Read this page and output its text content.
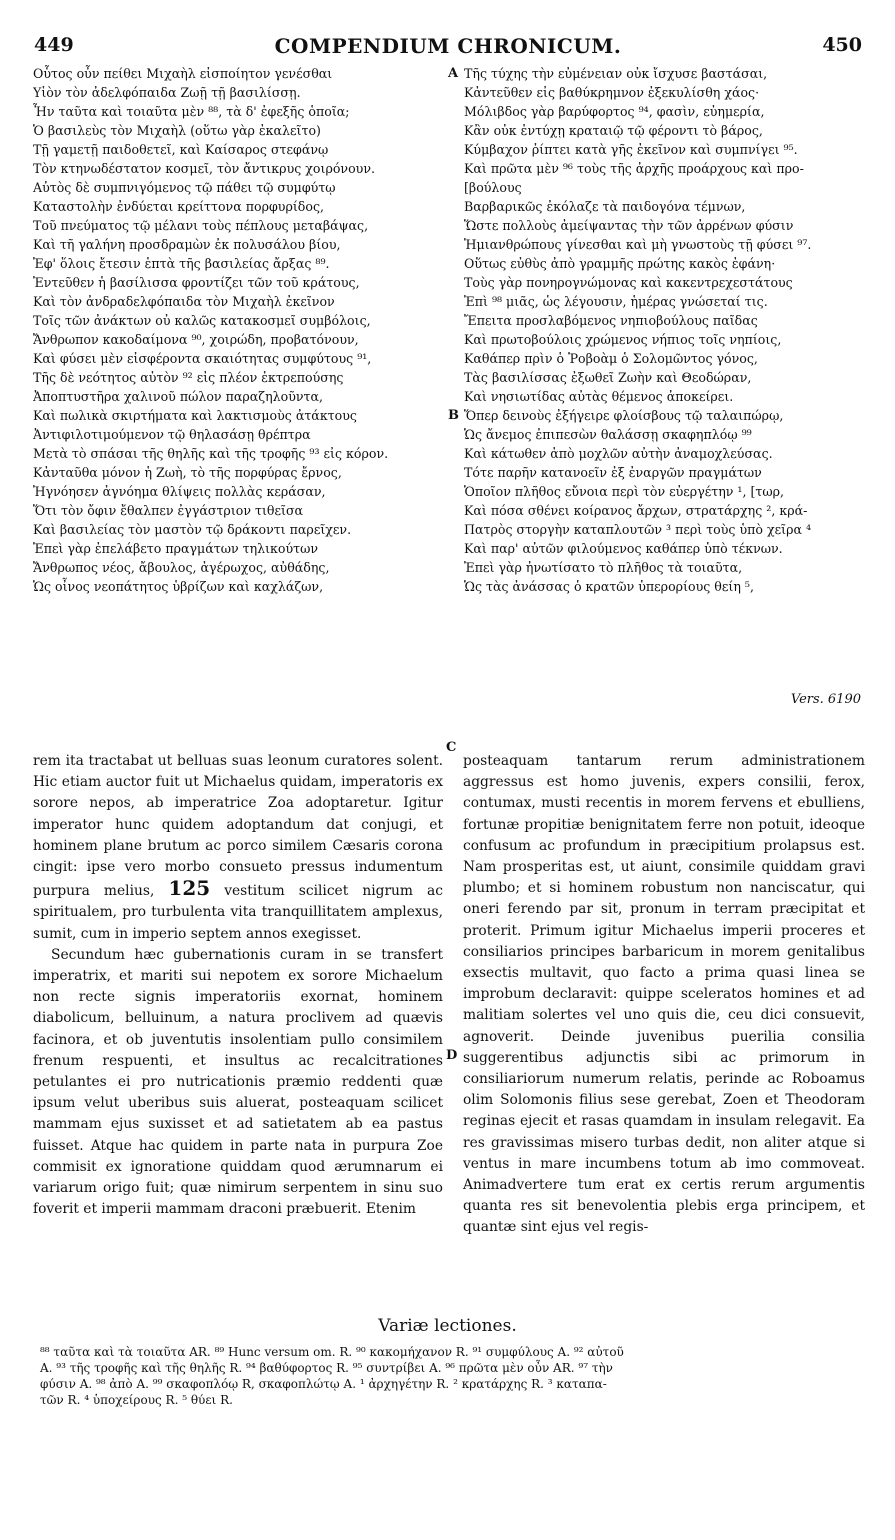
449	COMPENDIUM CHRONICUM.	450
Οὗτος οὖν πείθει Μιχαὴλ εἰσποίητον γενέσθαι
Υἱὸν τὸν ἀδελφόπαιδα Ζωῇ τῇ βασιλίσσῃ.
Ἦν ταῦτα καὶ τοιαῦτα μὲν ⁸⁸, τὰ δ' ἐφεξῆς ὁποῖα;
Ὁ βασιλεὺς τὸν Μιχαὴλ (οὕτω γὰρ ἐκαλεῖτο)
Τῇ γαμετῇ παιδοθετεῖ, καὶ Καίσαρος στεφάνῳ
Τὸν κτηνωδέστατον κοσμεῖ, τὸν ἄντικρυς χοιρόνουν.
Αὐτὸς δὲ συμπνιγόμενος τῷ πάθει τῷ συμφύτῳ
Καταστολὴν ἐνδύεται κρείττονα πορφυρίδος,
Τοῦ πνεύματος τῷ μέλανι τοὺς πέπλους μεταβάψας,
Καὶ τῆ γαλήνη προσδραμὼν ἐκ πολυσάλου βίου,
Ἐφ' ὅλοις ἔτεσιν ἑπτὰ τῆς βασιλείας ἄρξας ⁸⁹.
Ἐντεῦθεν ἡ βασίλισσα φροντίζει τῶν τοῦ κράτους,
Καὶ τὸν ἀνδραδελφόπαιδα τὸν Μιχαὴλ ἐκεῖνον
Τοῖς τῶν ἀνάκτων οὐ καλῶς κατακοσμεῖ συμβόλοις,
Ἄνθρωπον κακοδαίμονα ⁹⁰, χοιρώδη, προβατόνουν,
Καὶ φύσει μὲν εἰσφέροντα σκαιότητας συμφύτους ⁹¹,
Τῆς δὲ νεότητος αὐτὸν ⁹² εἰς πλέον ἐκτρεπούσης
Ἀποπτυστῆρα χαλινοῦ πώλον παραζηλοῦντα,
Καὶ πωλικὰ σκιρτήματα καὶ λακτισμοὺς ἀτάκτους
Ἀντιφιλοτιμούμενον τῷ θηλασάσῃ θρέπτρα
Μετὰ τὸ σπάσαι τῆς θηλῆς καὶ τῆς τροφῆς ⁹³ εἰς κόρον.
Κἀνταῦθα μόνον ἡ Ζωὴ, τὸ τῆς πορφύρας ἔρνος,
Ἠγνόησεν ἀγνόημα θλίψεις πολλὰς κεράσαν,
Ὅτι τὸν ὄφιν ἔθαλπεν ἐγγάστριον τιθεῖσα
Καὶ βασιλείας τὸν μαστὸν τῷ δράκοντι παρεῖχεν.
Ἐπεὶ γὰρ ἐπελάβετο πραγμάτων τηλικούτων
Ἄνθρωπος νέος, ἄβουλος, ἀγέρωχος, αὐθάδης,
Ὡς οἶνος νεοπάτητος ὑβρίζων καὶ καχλάζων,
Τῆς τύχης τὴν εὐμένειαν οὐκ ἴσχυσε βαστάσαι,
Κἀντεῦθεν εἰς βαθύκρημνον ἐξεκυλίσθη χάος·
Μόλιβδος γὰρ βαρύφορτος ⁹⁴, φασὶν, εὐημερία,
Κἂν οὐκ ἐντύχῃ κραταιῷ τῷ φέροντι τὸ βάρος,
Κύμβαχον ῥίπτει κατὰ γῆς ἐκεῖνον καὶ συμπνίγει ⁹⁵.
Καὶ πρῶτα μὲν ⁹⁶ τοὺς τῆς ἀρχῆς πρoάρχους καὶ προ-
[βούλους
Βαρβαρικῶς ἐκόλαζε τὰ παιδογόνα τέμνων,
Ὥστε πολλοὺς ἀμείψαντας τὴν τῶν ἀρρένων φύσιν
Ἡμιανθρώπους γίνεσθαι καὶ μὴ γνωστοὺς τῇ φύσει ⁹⁷.
Οὕτως εὐθὺς ἀπὸ γραμμῆς πρώτης κακὸς ἐφάνη·
Τοὺς γὰρ πονηρογνώμονας καὶ κακεντρεχεστάτους
Ἐπὶ ⁹⁸ μιᾶς, ὡς λέγουσιν, ἡμέρας γνώσεταί τις.
Ἔπειτα προσλαβόμενος νηπιοβούλους παῖδας
Καὶ πρωτοβούλοις χρώμενος νήπιος τοῖς νηπίοις,
Καθάπερ πρὶν ὁ Ῥοβοὰμ ὁ Σολομῶντος γόνος,
Τὰς βασιλίσσας ἐξωθεῖ Ζωὴν καὶ Θεοδώραν,
Καὶ νησιωτίδας αὐτὰς θέμενος ἀποκείρει.
Ὅπερ δεινοὺς ἐξήγειρε φλοίσβους τῷ ταλαιπώρῳ,
Ὡς ἄνεμος ἐπιπεσὼν θαλάσσῃ σκαφηπλόῳ ⁹⁹
Καὶ κάτωθεν ἀπὸ μοχλῶν αὐτὴν ἀναμοχλεύσας.
Τότε παρῆν κατανοεῖν ἐξ ἐναργῶν πραγμάτων
Ὁποῖον πλῆθος εὔνοια περὶ τὸν εὐεργέτην ¹, [τωρ,
Καὶ πόσα σθένει κοίρανος ἄρχων, στρατάρχης ², κρά-
Πατρὸς στοργὴν καταπλουτῶν ³ περὶ τοὺς ὑπὸ χεῖρα ⁴
Καὶ παρ' αὐτῶν φιλούμενος καθάπερ ὑπὸ τέκνων.
Ἐπεὶ γὰρ ἠνωτίσατο τὸ πλῆθος τὰ τοιαῦτα,
Ὡς τὰς ἀνάσσας ὁ κρατῶν ὑπερορίους θείη ⁵,
A
B
C
D
Vers. 6190

rem ita tractabat ut belluas suas leonum curatores solent. Hic etiam auctor fuit ut Michaelus quidam, imperatoris ex sorore nepos, ab imperatrice Zoa adoptaretur. Igitur imperator hunc quidem adoptandum dat conjugi, et hominem plane brutum ac porco similem Cæsaris corona cingit: ipse vero morbo consueto pressus indumentum purpura melius, 125 vestitum scilicet nigrum ac spiritualem, pro turbulenta vita tranquillitatem amplexus, sumit, cum in imperio septem annos exegisset.

Secundum hæc gubernationis curam in se transfert imperatrix, et mariti sui nepotem ex sorore Michaelum non recte signis imperatoriis exornat, hominem diabolicum, belluinum, a natura proclivem ad quævis facinora, et ob juventutis insolentiam pullo consimilem frenum respuenti, et insultus ac recalcitrationes petulantes ei pro nutricationis præmio reddenti quæ ipsum velut uberibus suis aluerat, posteaquam scilicet mammam ejus suxisset et ad satietatem ab ea pastus fuisset. Atque hac quidem in parte nata in purpura Zoe commisit ex ignoratione quiddam quod ærumnarum ei variarum origo fuit; quæ nimirum serpentem in sinu suo foverit et imperii mammam draconi præbuerit. Etenim

posteaquam tantarum rerum administrationem aggressus est homo juvenis, expers consilii, ferox, contumax, musti recentis in morem fervens et ebulliens, fortunæ propitiæ benignitatem ferre non potuit, ideoque confusum ac profundum in præcipitium prolapsus est. Nam prosperitas est, ut aiunt, consimile quiddam gravi plumbo; et si hominem robustum non nanciscatur, qui oneri ferendo par sit, pronum in terram præcipitat et proterit. Primum igitur Michaelus imperii proceres et consiliarios principes barbaricum in morem genitalibus exsectis multavit, quo facto a prima quasi linea se improbum declaravit: quippe sceleratos homines et ad malitiam solertes vel uno quis die, ceu dici consuevit, agnoverit. Deinde juvenibus puerilia consilia suggerentibus adjunctis sibi ac primorum in consiliariorum numerum relatis, perinde ac Roboamus olim Solomonis filius sese gerebat, Zoen et Theodoram reginas ejecit et rasas quamdam in insulam relegavit. Ea res gravissimas misero turbas dedit, non aliter atque si ventus in mare incumbens totum ab imo commoveat. Animadvertere tum erat ex certis rerum argumentis quanta res sit benevolentia plebis erga principem, et quantæ sint ejus vel regis-

Variæ lectiones.
⁸⁸ ταῦτα καὶ τὰ τοιαῦτα AR. ⁸⁹ Hunc versum om. R. ⁹⁰ κακομήχανον R. ⁹¹ συμφύλους A. ⁹² αὐτοῦ
A. ⁹³ τῆς τροφῆς καὶ τῆς θηλῆς R. ⁹⁴ βαθύφορτος R. ⁹⁵ συντρίβει A. ⁹⁶ πρῶτα μὲν οὖν AR. ⁹⁷ τὴν
φύσιν A. ⁹⁸ ἀπὸ A. ⁹⁹ σκαφοπλόῳ R, σκαφοπλώτῳ A. ¹ ἀρχηγέτην R. ² κρατάρχης R. ³ καταπα-
τῶν R. ⁴ ὑποχείρους R. ⁵ θύει R.
